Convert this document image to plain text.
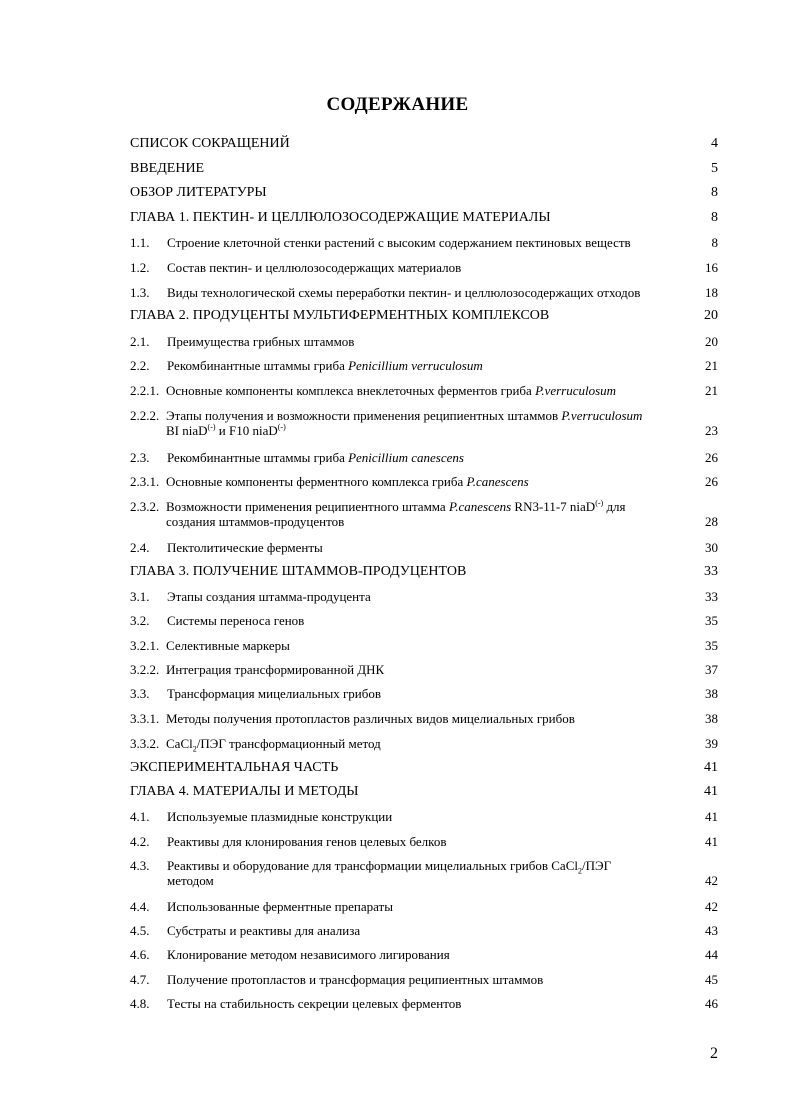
СОДЕРЖАНИЕ
СПИСОК СОКРАЩЕНИЙ	4
ВВЕДЕНИЕ	5
ОБЗОР ЛИТЕРАТУРЫ	8
ГЛАВА 1. ПЕКТИН- И ЦЕЛЛЮЛОЗОСОДЕРЖАЩИЕ МАТЕРИАЛЫ	8
1.1. Строение клеточной стенки растений с высоким содержанием пектиновых веществ	8
1.2. Состав пектин- и целлюлозосодержащих материалов	16
1.3. Виды технологической схемы переработки пектин- и целлюлозосодержащих отходов	18
ГЛАВА 2. ПРОДУЦЕНТЫ МУЛЬТИФЕРМЕНТНЫХ КОМПЛЕКСОВ	20
2.1. Преимущества грибных штаммов	20
2.2. Рекомбинантные штаммы гриба Penicillium verruculosum	21
2.2.1. Основные компоненты комплекса внеклеточных ферментов гриба P.verruculosum	21
2.2.2. Этапы получения и возможности применения реципиентных штаммов P.verruculosum
BI niaD(-) и F10 niaD(-)	23
2.3. Рекомбинантные штаммы гриба Penicillium canescens	26
2.3.1. Основные компоненты ферментного комплекса гриба P.canescens	26
2.3.2. Возможности применения реципиентного штамма P.canescens RN3-11-7 niaD(-) для
создания штаммов-продуцентов	28
2.4. Пектолитические ферменты	30
ГЛАВА 3. ПОЛУЧЕНИЕ ШТАММОВ-ПРОДУЦЕНТОВ	33
3.1. Этапы создания штамма-продуцента	33
3.2. Системы переноса генов	35
3.2.1. Селективные маркеры	35
3.2.2. Интеграция трансформированной ДНК	37
3.3. Трансформация мицелиальных грибов	38
3.3.1. Методы получения протопластов различных видов мицелиальных грибов	38
3.3.2. CaCl$_2$/ПЭГ трансформационный метод	39
ЭКСПЕРИМЕНТАЛЬНАЯ ЧАСТЬ	41
ГЛАВА 4. МАТЕРИАЛЫ И МЕТОДЫ	41
4.1. Используемые плазмидные конструкции	41
4.2. Реактивы для клонирования генов целевых белков	41
4.3. Реактивы и оборудование для трансформации мицелиальных грибов CaCl$_2$/ПЭГ
методом	42
4.4. Использованные ферментные препараты	42
4.5. Субстраты и реактивы для анализа	43
4.6. Клонирование методом независимого лигирования	44
4.7. Получение протопластов и трансформация реципиентных штаммов	45
4.8. Тесты на стабильность секреции целевых ферментов	46
2
